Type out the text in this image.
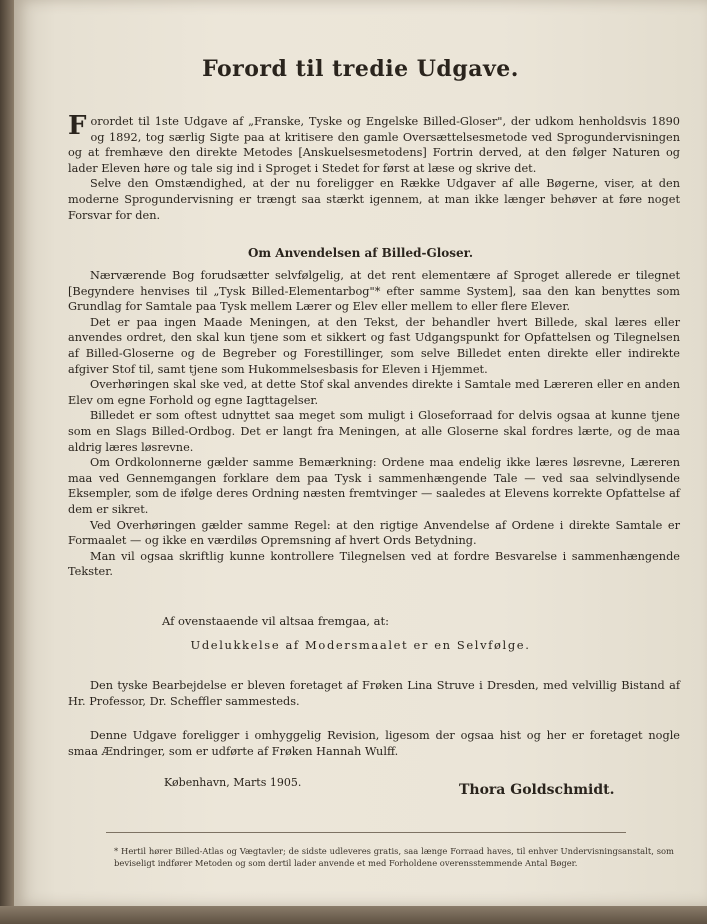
Forord til tredie Udgave.

Forordet til 1ste Udgave af „Franske, Tyske og Engelske Billed-Gloser", der udkom henholdsvis 1890 og 1892, tog særlig Sigte paa at kritisere den gamle Oversættelsesmetode ved Sprogundervisningen og at fremhæve den direkte Metodes [Anskuelsesmetodens] Fortrin derved, at den følger Naturen og lader Eleven høre og tale sig ind i Sproget i Stedet for først at læse og skrive det.

Selve den Omstændighed, at der nu foreligger en Række Udgaver af alle Bøgerne, viser, at den moderne Sprogundervisning er trængt saa stærkt igennem, at man ikke længer behøver at føre noget Forsvar for den.

Om Anvendelsen af Billed-Gloser.

Nærværende Bog forudsætter selvfølgelig, at det rent elementære af Sproget allerede er tilegnet [Begyndere henvises til „Tysk Billed-Elementarbog"* efter samme System], saa den kan benyttes som Grundlag for Samtale paa Tysk mellem Lærer og Elev eller mellem to eller flere Elever.

Det er paa ingen Maade Meningen, at den Tekst, der behandler hvert Billede, skal læres eller anvendes ordret, den skal kun tjene som et sikkert og fast Udgangspunkt for Opfattelsen og Tilegnelsen af Billed-Gloserne og de Begreber og Forestillinger, som selve Billedet enten direkte eller indirekte afgiver Stof til, samt tjene som Hukommelsesbasis for Eleven i Hjemmet.

Overhøringen skal ske ved, at dette Stof skal anvendes direkte i Samtale med Læreren eller en anden Elev om egne Forhold og egne Iagttagelser.

Billedet er som oftest udnyttet saa meget som muligt i Gloseforraad for delvis ogsaa at kunne tjene som en Slags Billed-Ordbog. Det er langt fra Meningen, at alle Gloserne skal fordres lærte, og de maa aldrig læres løsrevne.

Om Ordkolonnerne gælder samme Bemærkning: Ordene maa endelig ikke læres løsrevne, Læreren maa ved Gennemgangen forklare dem paa Tysk i sammenhængende Tale — ved saa selvindlysende Eksempler, som de ifølge deres Ordning næsten fremtvinger — saaledes at Elevens korrekte Opfattelse af dem er sikret.

Ved Overhøringen gælder samme Regel: at den rigtige Anvendelse af Ordene i direkte Samtale er Formaalet — og ikke en værdiløs Opremsning af hvert Ords Betydning.

Man vil ogsaa skriftlig kunne kontrollere Tilegnelsen ved at fordre Besvarelse i sammenhængende Tekster.

Af ovenstaaende vil altsaa fremgaa, at:
Udelukkelse af Modersmaalet er en Selvfølge.

Den tyske Bearbejdelse er bleven foretaget af Frøken Lina Struve i Dresden, med velvillig Bistand af Hr. Professor, Dr. Scheffler sammesteds.

Denne Udgave foreligger i omhyggelig Revision, ligesom der ogsaa hist og her er foretaget nogle smaa Ændringer, som er udførte af Frøken Hannah Wulff.

København, Marts 1905.	Thora Goldschmidt.
* Hertil hører Billed-Atlas og Vægtavler; de sidste udleveres gratis, saa længe Forraad haves, til enhver Undervisningsanstalt, som beviseligt indfører Metoden og som dertil lader anvende et med Forholdene overensstemmende Antal Bøger.
